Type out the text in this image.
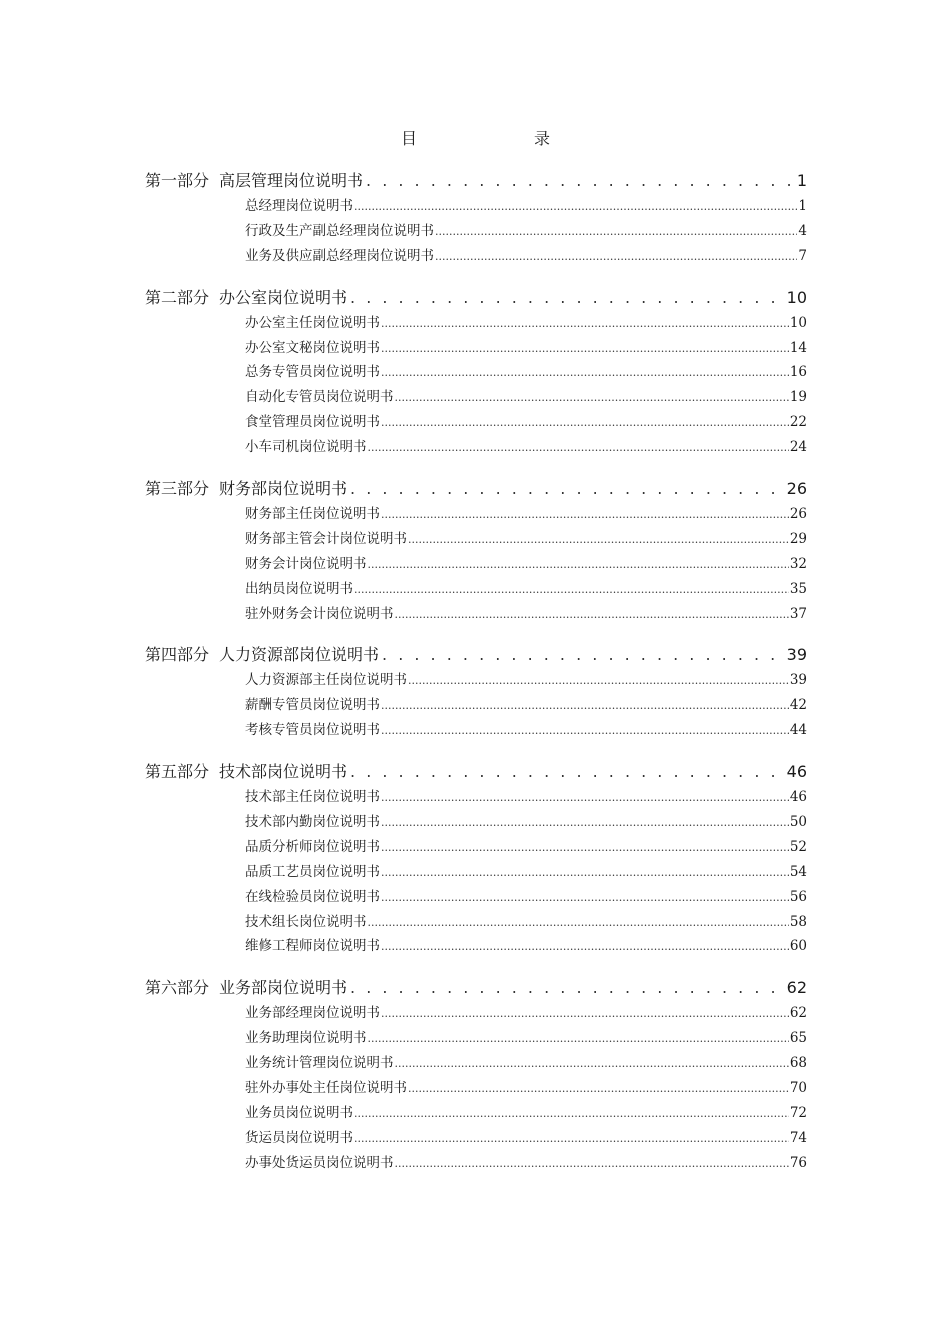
目	录
第一部分 高层管理岗位说明书 . . .	1
总经理岗位说明书 .....	1
行政及生产副总经理岗位说明书 .....	4
业务及供应副总经理岗位说明书 .....	7
第二部分 办公室岗位说明书 . . .	10
办公室主任岗位说明书 .....	10
办公室文秘岗位说明书 .....	14
总务专管员岗位说明书 .....	16
自动化专管员岗位说明书 .....	19
食堂管理员岗位说明书 .....	22
小车司机岗位说明书 .....	24
第三部分 财务部岗位说明书 . . .	26
财务部主任岗位说明书 .....	26
财务部主管会计岗位说明书 .....	29
财务会计岗位说明书 .....	32
出纳员岗位说明书 .....	35
驻外财务会计岗位说明书 .....	37
第四部分 人力资源部岗位说明书 . . .	39
人力资源部主任岗位说明书 .....	39
薪酬专管员岗位说明书 .....	42
考核专管员岗位说明书 .....	44
第五部分 技术部岗位说明书 . . .	46
技术部主任岗位说明书 .....	46
技术部内勤岗位说明书 .....	50
品质分析师岗位说明书 .....	52
品质工艺员岗位说明书 .....	54
在线检验员岗位说明书 .....	56
技术组长岗位说明书 .....	58
维修工程师岗位说明书 .....	60
第六部分 业务部岗位说明书 . . .	62
业务部经理岗位说明书 .....	62
业务助理岗位说明书 .....	65
业务统计管理岗位说明书 .....	68
驻外办事处主任岗位说明书 .....	70
业务员岗位说明书 .....	72
货运员岗位说明书 .....	74
办事处货运员岗位说明书 .....	76
